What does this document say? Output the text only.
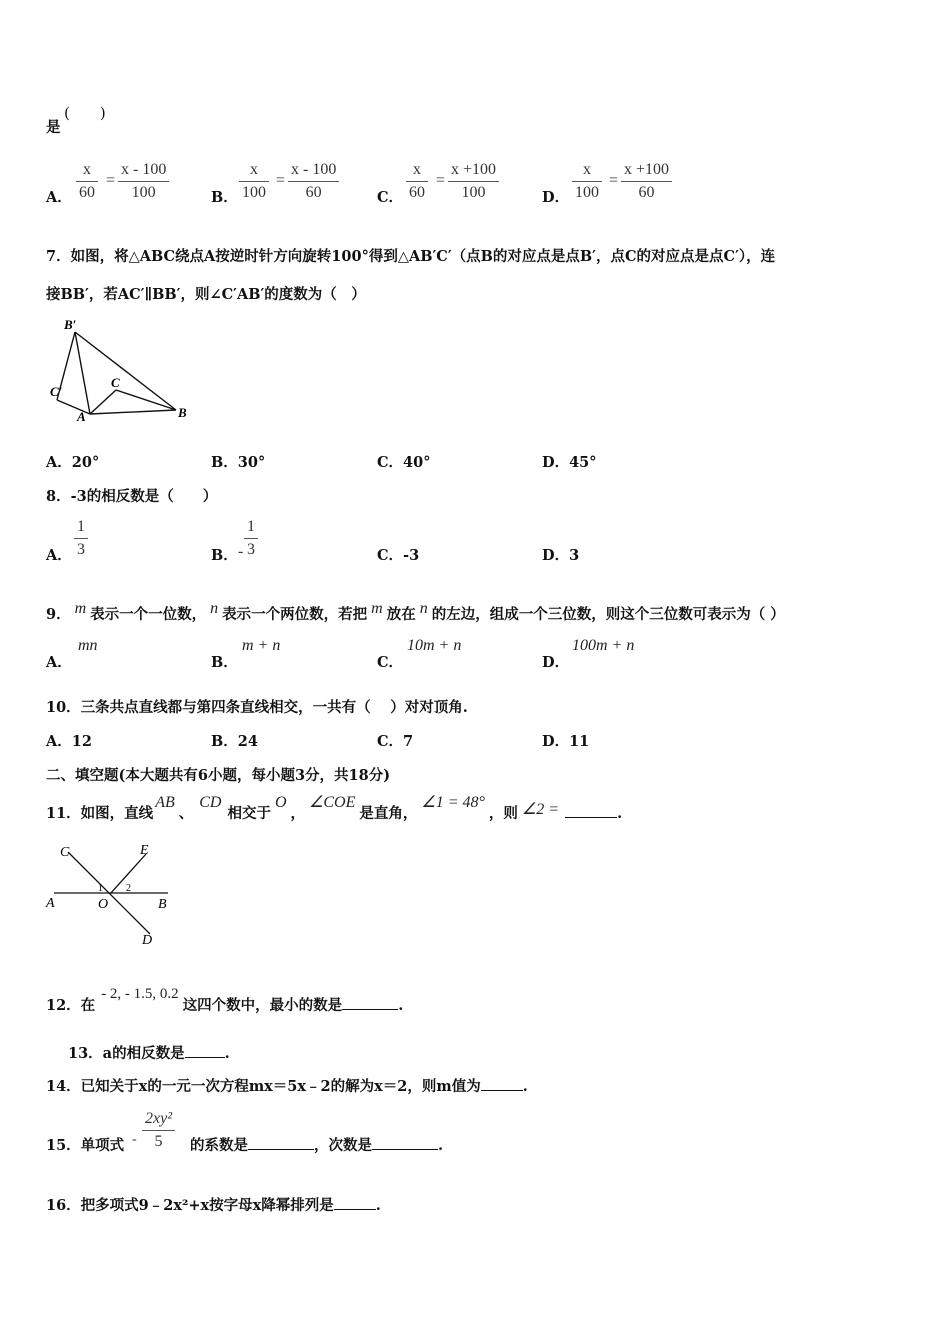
是
(　　)
A．
x
60
=
x - 100
100	B．
x
100
=
x - 100
60	C．
x
60
=
x +100
100	D．
x
100
=
x +100
60
7．如图，将△ABC绕点A按逆时针方向旋转100°得到△AB′C′（点B的对应点是点B′，点C的对应点是点C′），连
接BB′，若AC′∥BB′，则∠C′AB′的度数为（　）
B′
C′
A	B
C
A．20°	B．30°	C．40°	D．45°
8．-3的相反数是（　　）
A．
1
3	B． -
1
3	C．-3	D．3
9． m 表示一个一位数， n 表示一个两位数，若把 m 放在 n 的左边，组成一个三位数，则这个三位数可表示为（ ）
A．
mn
B．
m + n
C．
10m + n
D．
100m + n
10．三条共点直线都与第四条直线相交，一共有（　 ）对对顶角.
A．12	B．24	C．7	D．11
二、填空题(本大题共有6小题，每小题3分，共18分)
11．如图，直线AB、CD相交于O，∠COE是直角，∠1 = 48°，则 ∠2 =	.
C	E
A	O	B
D
1 2
12．在- 2, - 1.5, 0.2这四个数中，最小的数是	.
13．a的相反数是	.
14．已知关于x的一元一次方程mx＝5x﹣2的解为x＝2，则m值为	.
15．单项式 -
2xy²
5	的系数是	，次数是	.
16．把多项式9﹣2x²+x按字母x降幂排列是	.
